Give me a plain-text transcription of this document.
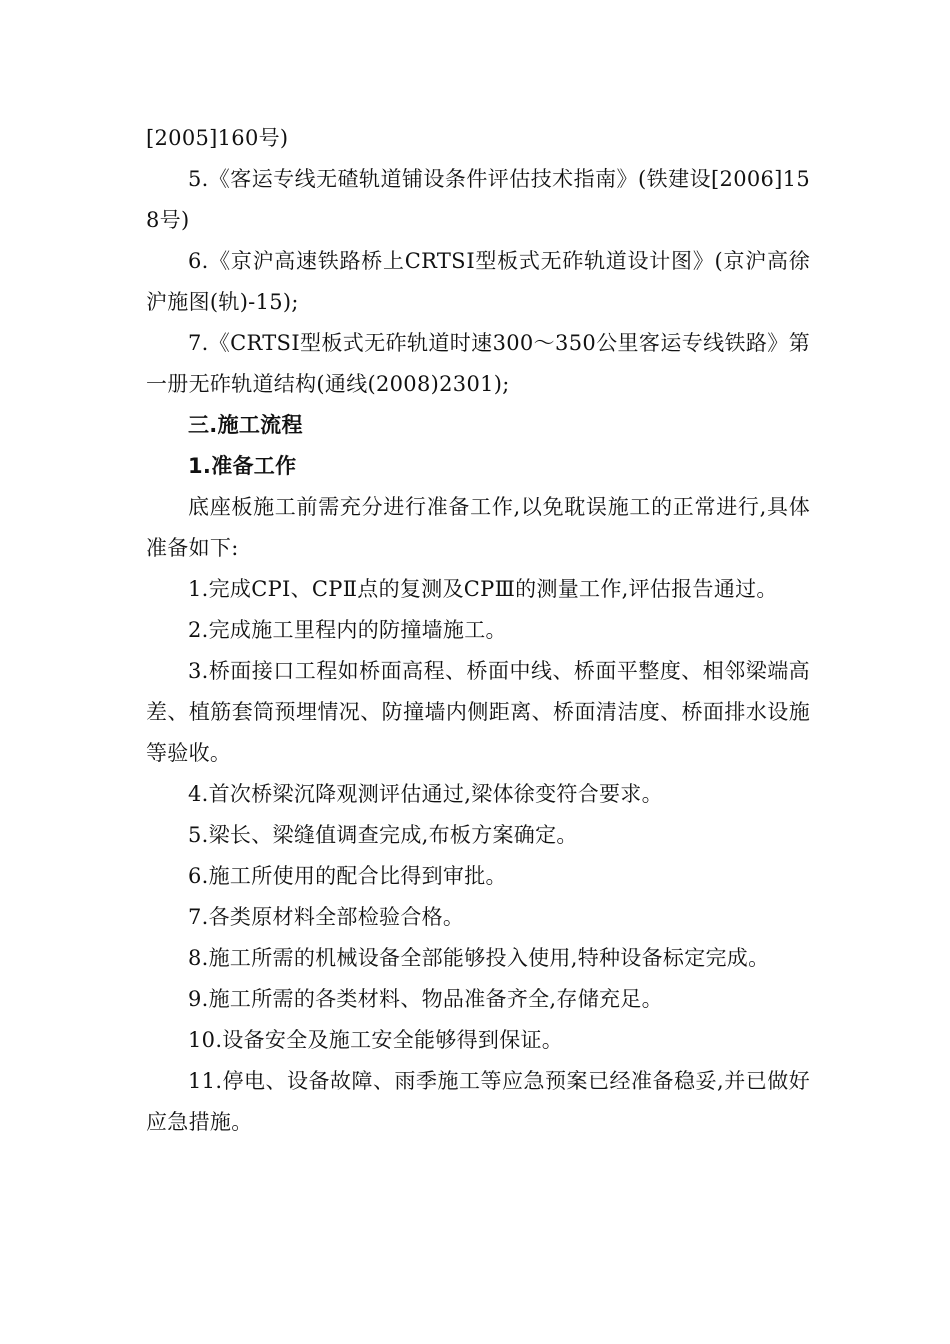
[2005]160号)

5.《客运专线无碴轨道铺设条件评估技术指南》(铁建设[2006]158号)

6.《京沪高速铁路桥上CRTSⅠ型板式无砟轨道设计图》(京沪高徐沪施图(轨)-15);

7.《CRTSⅠ型板式无砟轨道时速300～350公里客运专线铁路》第一册无砟轨道结构(通线(2008)2301);

三.施工流程

1.准备工作

底座板施工前需充分进行准备工作,以免耽误施工的正常进行,具体准备如下:

1.完成CPI、CPⅡ点的复测及CPⅢ的测量工作,评估报告通过。

2.完成施工里程内的防撞墙施工。

3.桥面接口工程如桥面高程、桥面中线、桥面平整度、相邻梁端高差、植筋套筒预埋情况、防撞墙内侧距离、桥面清洁度、桥面排水设施等验收。

4.首次桥梁沉降观测评估通过,梁体徐变符合要求。

5.梁长、梁缝值调查完成,布板方案确定。

6.施工所使用的配合比得到审批。

7.各类原材料全部检验合格。

8.施工所需的机械设备全部能够投入使用,特种设备标定完成。

9.施工所需的各类材料、物品准备齐全,存储充足。

10.设备安全及施工安全能够得到保证。

11.停电、设备故障、雨季施工等应急预案已经准备稳妥,并已做好应急措施。
